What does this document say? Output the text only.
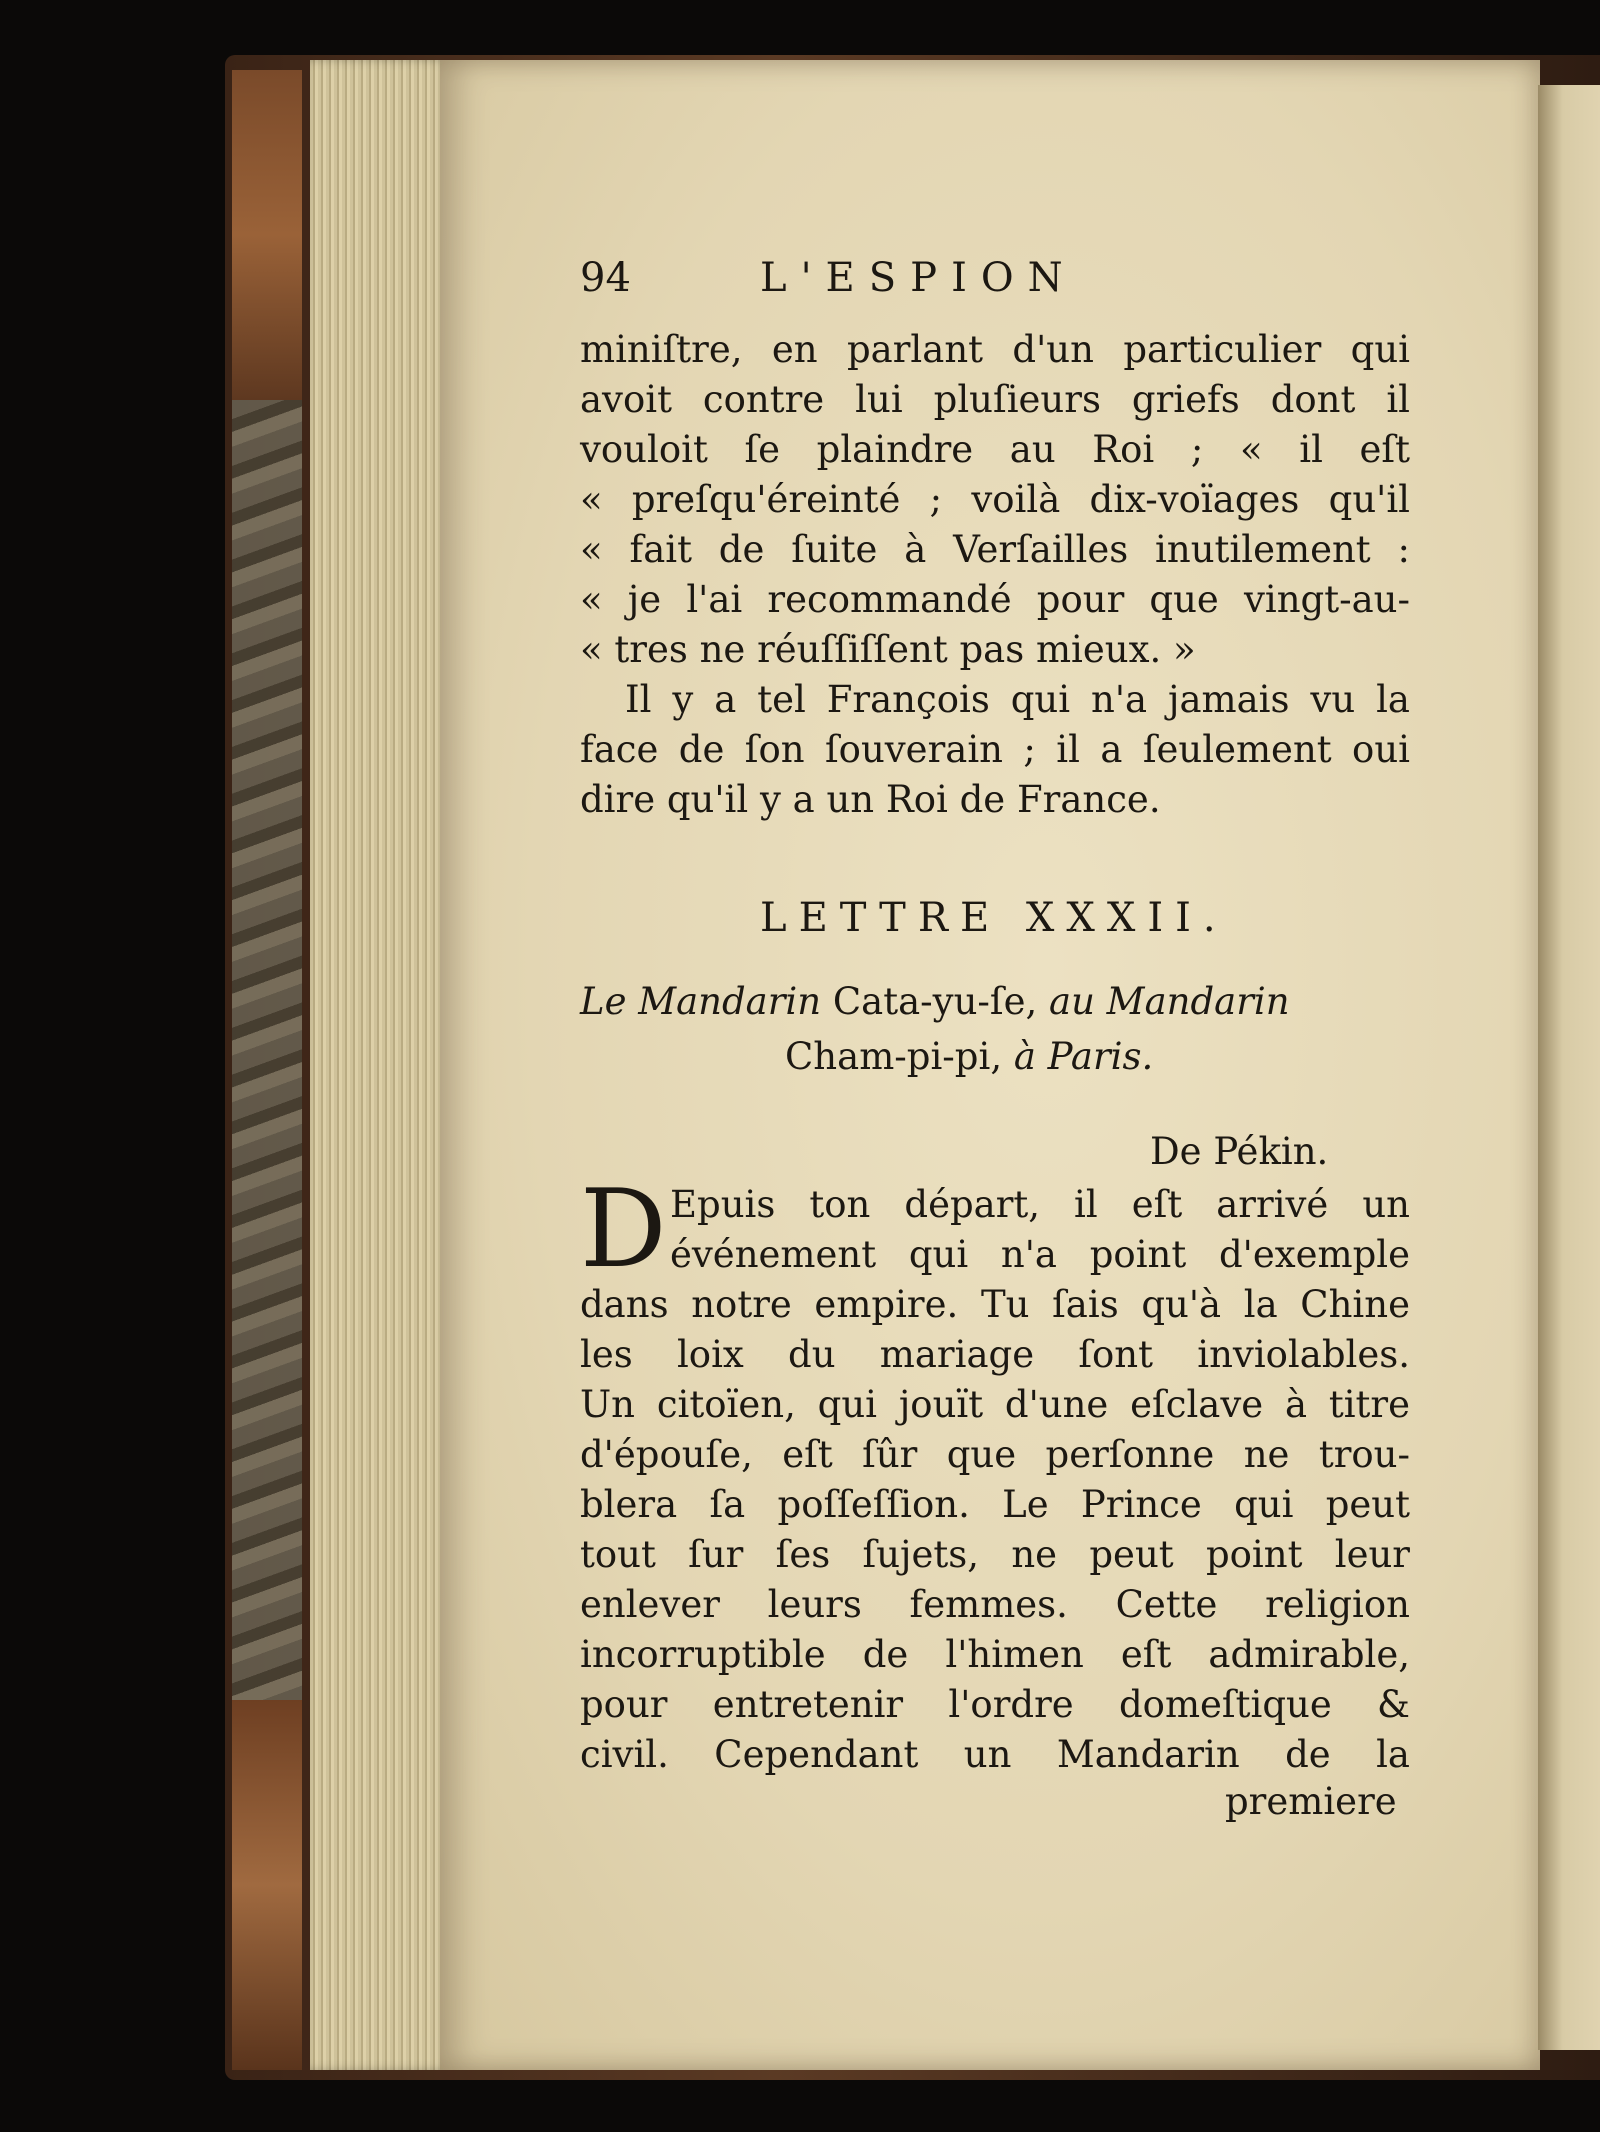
94	L'ESPION
miniſtre, en parlant d'un particulier qui
avoit contre lui pluſieurs griefs dont il
vouloit ſe plaindre au Roi ; « il eſt
« preſqu'éreinté ; voilà dix-voïages qu'il
« fait de ſuite à Verſailles inutilement :
« je l'ai recommandé pour que vingt-au-
« tres ne réuſſiſſent pas mieux. »
Il y a tel François qui n'a jamais vu la
face de ſon ſouverain ; il a ſeulement oui
dire qu'il y a un Roi de France.
LETTRE XXXII.
Le Mandarin Cata-yu-ſe, au Mandarin
Cham-pi-pi, à Paris.
De Pékin.
D Epuis ton départ, il eſt arrivé un
événement qui n'a point d'exemple
dans notre empire. Tu ſais qu'à la Chine
les loix du mariage ſont inviolables.
Un citoïen, qui jouït d'une eſclave à titre
d'épouſe, eſt ſûr que perſonne ne trou-
blera ſa poſſeſſion. Le Prince qui peut
tout ſur ſes ſujets, ne peut point leur
enlever leurs femmes. Cette religion
incorruptible de l'himen eſt admirable,
pour entretenir l'ordre domeſtique &
civil. Cependant un Mandarin de la
premiere
